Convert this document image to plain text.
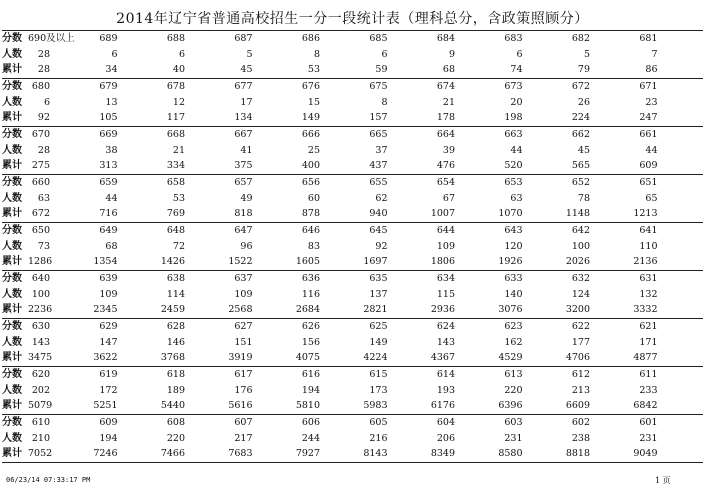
2014年辽宁省普通高校招生一分一段统计表（理科总分，含政策照顾分）
分数 690及以上	689	688	687	686	685	684	683	682	681
人数	28	6	6	5	8	6	9	6	5	7
累计	28	34	40	45	53	59	68	74	79	86
分数	680	679	678	677	676	675	674	673	672	671
人数	6	13	12	17	15	8	21	20	26	23
累计	92	105	117	134	149	157	178	198	224	247
分数	670	669	668	667	666	665	664	663	662	661
人数	28	38	21	41	25	37	39	44	45	44
累计	275	313	334	375	400	437	476	520	565	609
分数	660	659	658	657	656	655	654	653	652	651
人数	63	44	53	49	60	62	67	63	78	65
累计	672	716	769	818	878	940	1007	1070	1148	1213
分数	650	649	648	647	646	645	644	643	642	641
人数	73	68	72	96	83	92	109	120	100	110
累计 1286	1354	1426	1522	1605	1697	1806	1926	2026	2136
分数	640	639	638	637	636	635	634	633	632	631
人数	100	109	114	109	116	137	115	140	124	132
累计 2236	2345	2459	2568	2684	2821	2936	3076	3200	3332
分数	630	629	628	627	626	625	624	623	622	621
人数	143	147	146	151	156	149	143	162	177	171
累计 3475	3622	3768	3919	4075	4224	4367	4529	4706	4877
分数	620	619	618	617	616	615	614	613	612	611
人数	202	172	189	176	194	173	193	220	213	233
累计 5079	5251	5440	5616	5810	5983	6176	6396	6609	6842
分数	610	609	608	607	606	605	604	603	602	601
人数	210	194	220	217	244	216	206	231	238	231
累计 7052	7246	7466	7683	7927	8143	8349	8580	8818	9049
06/23/14 07:33:17 PM	1 页
